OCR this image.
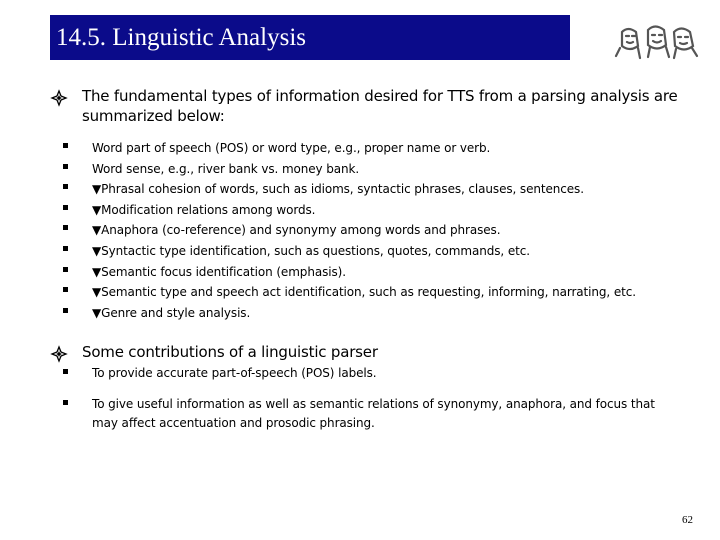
14.5. Linguistic Analysis
The fundamental types of information desired for TTS from a parsing analysis are summarized below:
Word part of speech (POS) or word type, e.g., proper name or verb.
Word sense, e.g., river bank vs. money bank.
▼Phrasal cohesion of words, such as idioms, syntactic phrases, clauses, sentences.
▼Modification relations among words.
▼Anaphora (co-reference) and synonymy among words and phrases.
▼Syntactic type identification, such as questions, quotes, commands, etc.
▼Semantic focus identification (emphasis).
▼Semantic type and speech act identification, such as requesting, informing, narrating, etc.
▼Genre and style analysis.
Some contributions of a linguistic parser
To provide accurate part-of-speech (POS) labels.
To give useful information as well as semantic relations of synonymy, anaphora, and focus that may affect accentuation and prosodic phrasing.
62
